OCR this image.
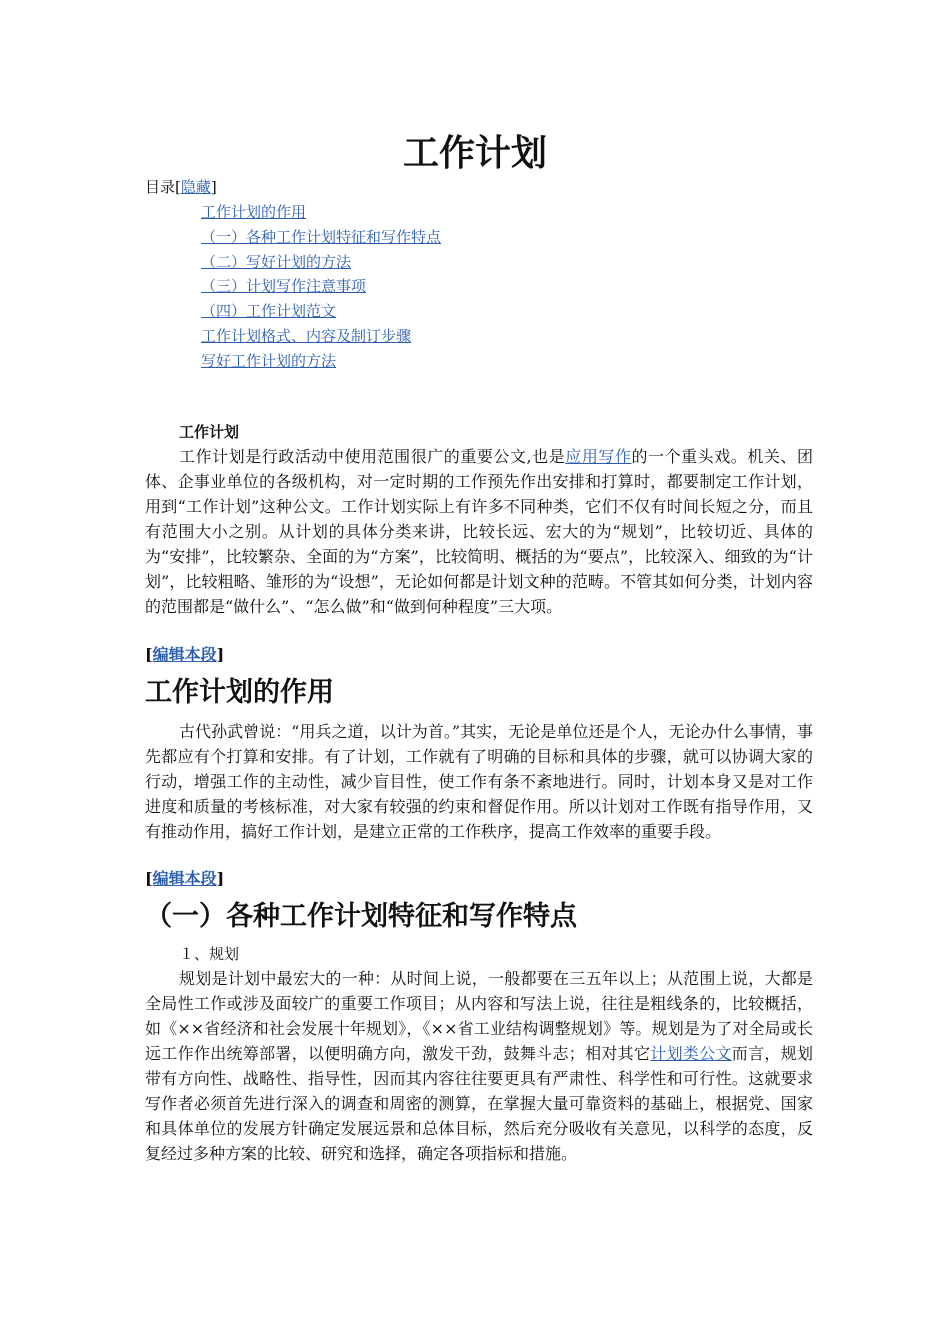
工作计划
目录[隐藏]
工作计划的作用
（一）各种工作计划特征和写作特点
（二）写好计划的方法
（三）计划写作注意事项
（四）工作计划范文
工作计划格式、内容及制订步骤
写好工作计划的方法
工作计划

工作计划是行政活动中使用范围很广的重要公文,也是应用写作的一个重头戏。机关、团体、企事业单位的各级机构，对一定时期的工作预先作出安排和打算时，都要制定工作计划，用到“工作计划”这种公文。工作计划实际上有许多不同种类，它们不仅有时间长短之分，而且有范围大小之别。从计划的具体分类来讲，比较长远、宏大的为“规划”，比较切近、具体的为“安排”，比较繁杂、全面的为“方案”，比较简明、概括的为“要点”，比较深入、细致的为“计划”，比较粗略、雏形的为“设想”，无论如何都是计划文种的范畴。不管其如何分类，计划内容的范围都是“做什么”、“怎么做”和“做到何种程度”三大项。

[编辑本段]
工作计划的作用

古代孙武曾说：“用兵之道，以计为首。”其实，无论是单位还是个人，无论办什么事情，事先都应有个打算和安排。有了计划，工作就有了明确的目标和具体的步骤，就可以协调大家的行动，增强工作的主动性，减少盲目性，使工作有条不紊地进行。同时，计划本身又是对工作进度和质量的考核标准，对大家有较强的约束和督促作用。所以计划对工作既有指导作用，又有推动作用，搞好工作计划，是建立正常的工作秩序，提高工作效率的重要手段。

[编辑本段]
（一）各种工作计划特征和写作特点
１、规划

规划是计划中最宏大的一种：从时间上说，一般都要在三五年以上；从范围上说，大都是全局性工作或涉及面较广的重要工作项目；从内容和写法上说，往往是粗线条的，比较概括，如《××省经济和社会发展十年规划》，《××省工业结构调整规划》等。规划是为了对全局或长远工作作出统筹部署，以便明确方向，激发干劲，鼓舞斗志；相对其它计划类公文而言，规划带有方向性、战略性、指导性，因而其内容往往要更具有严肃性、科学性和可行性。这就要求写作者必须首先进行深入的调查和周密的测算，在掌握大量可靠资料的基础上，根据党、国家和具体单位的发展方针确定发展远景和总体目标，然后充分吸收有关意见，以科学的态度，反复经过多种方案的比较、研究和选择，确定各项指标和措施。
